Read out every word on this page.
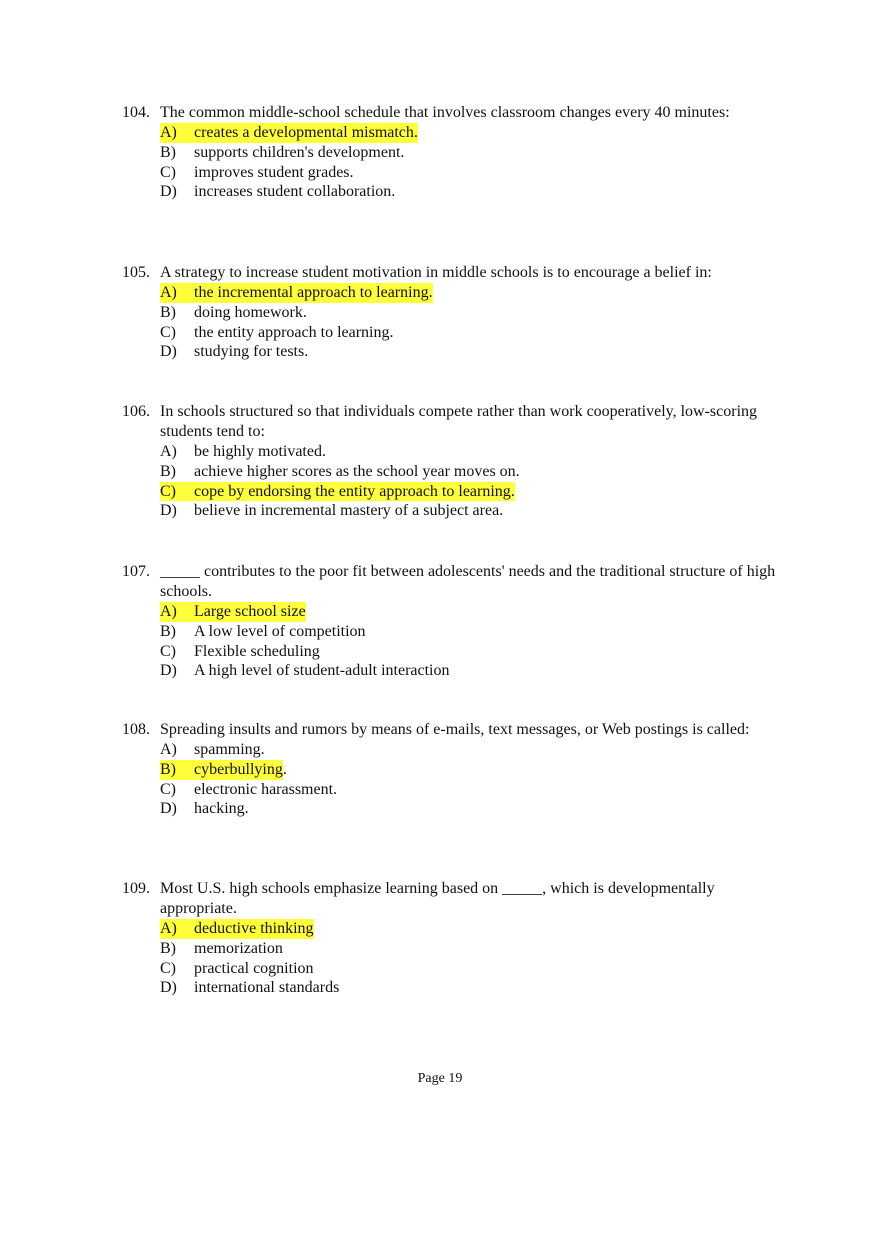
104. The common middle-school schedule that involves classroom changes every 40 minutes:
A) creates a developmental mismatch.
B) supports children's development.
C) improves student grades.
D) increases student collaboration.
105. A strategy to increase student motivation in middle schools is to encourage a belief in:
A) the incremental approach to learning.
B) doing homework.
C) the entity approach to learning.
D) studying for tests.
106. In schools structured so that individuals compete rather than work cooperatively, low-scoring students tend to:
A) be highly motivated.
B) achieve higher scores as the school year moves on.
C) cope by endorsing the entity approach to learning.
D) believe in incremental mastery of a subject area.
107. _____ contributes to the poor fit between adolescents' needs and the traditional structure of high schools.
A) Large school size
B) A low level of competition
C) Flexible scheduling
D) A high level of student-adult interaction
108. Spreading insults and rumors by means of e-mails, text messages, or Web postings is called:
A) spamming.
B) cyberbullying.
C) electronic harassment.
D) hacking.
109. Most U.S. high schools emphasize learning based on _____, which is developmentally appropriate.
A) deductive thinking
B) memorization
C) practical cognition
D) international standards
Page 19
